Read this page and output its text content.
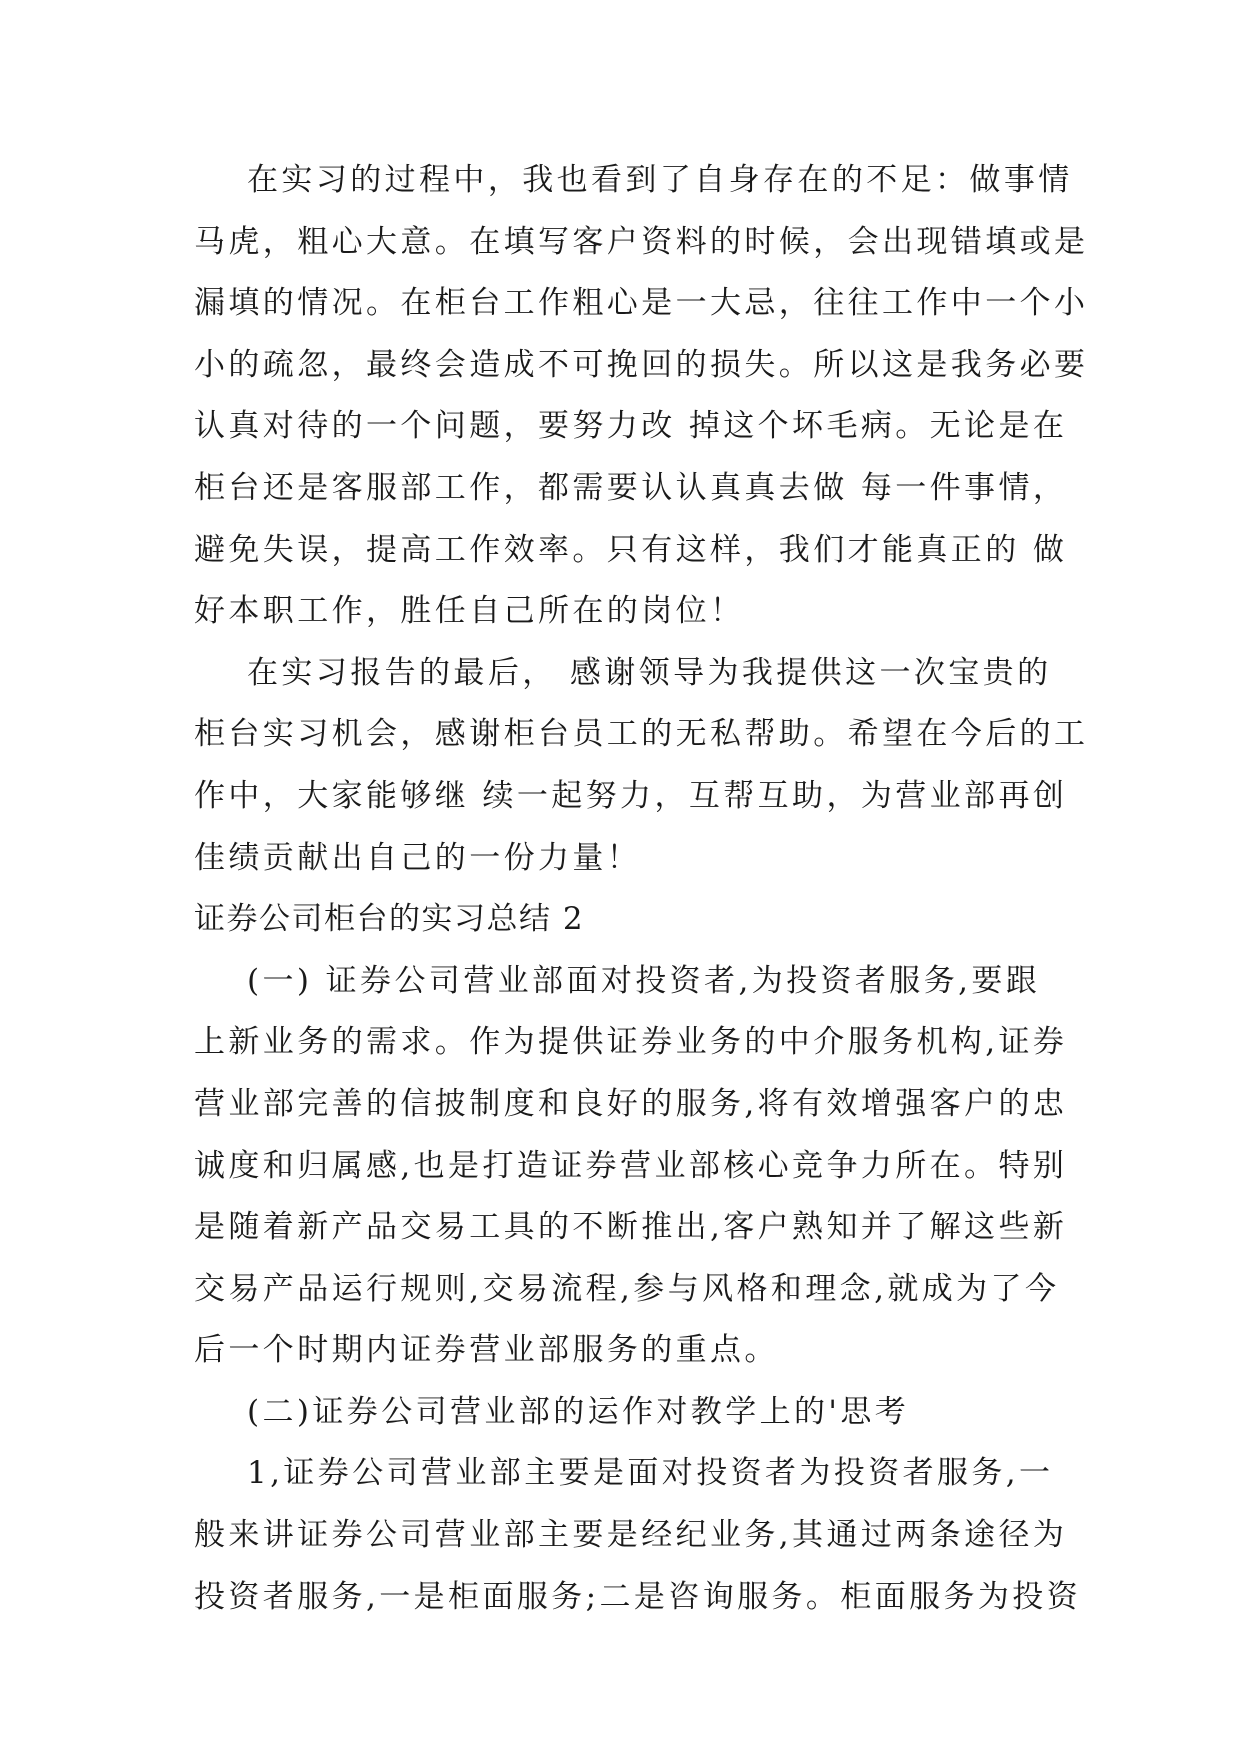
在实习的过程中，我也看到了自身存在的不足：做事情
马虎，粗心大意。在填写客户资料的时候，会出现错填或是
漏填的情况。在柜台工作粗心是一大忌，往往工作中一个小
小的疏忽，最终会造成不可挽回的损失。所以这是我务必要
认真对待的一个问题，要努力改 掉这个坏毛病。无论是在
柜台还是客服部工作，都需要认认真真去做 每一件事情，
避免失误，提高工作效率。只有这样，我们才能真正的 做
好本职工作，胜任自己所在的岗位！
在实习报告的最后， 感谢领导为我提供这一次宝贵的
柜台实习机会，感谢柜台员工的无私帮助。希望在今后的工
作中，大家能够继 续一起努力，互帮互助，为营业部再创
佳绩贡献出自己的一份力量！
证券公司柜台的实习总结 2
(一) 证券公司营业部面对投资者,为投资者服务,要跟
上新业务的需求。作为提供证券业务的中介服务机构,证券
营业部完善的信披制度和良好的服务,将有效增强客户的忠
诚度和归属感,也是打造证券营业部核心竞争力所在。特别
是随着新产品交易工具的不断推出,客户熟知并了解这些新
交易产品运行规则,交易流程,参与风格和理念,就成为了今
后一个时期内证券营业部服务的重点。
(二)证券公司营业部的运作对教学上的'思考
1,证券公司营业部主要是面对投资者为投资者服务,一
般来讲证券公司营业部主要是经纪业务,其通过两条途径为
投资者服务,一是柜面服务;二是咨询服务。柜面服务为投资
